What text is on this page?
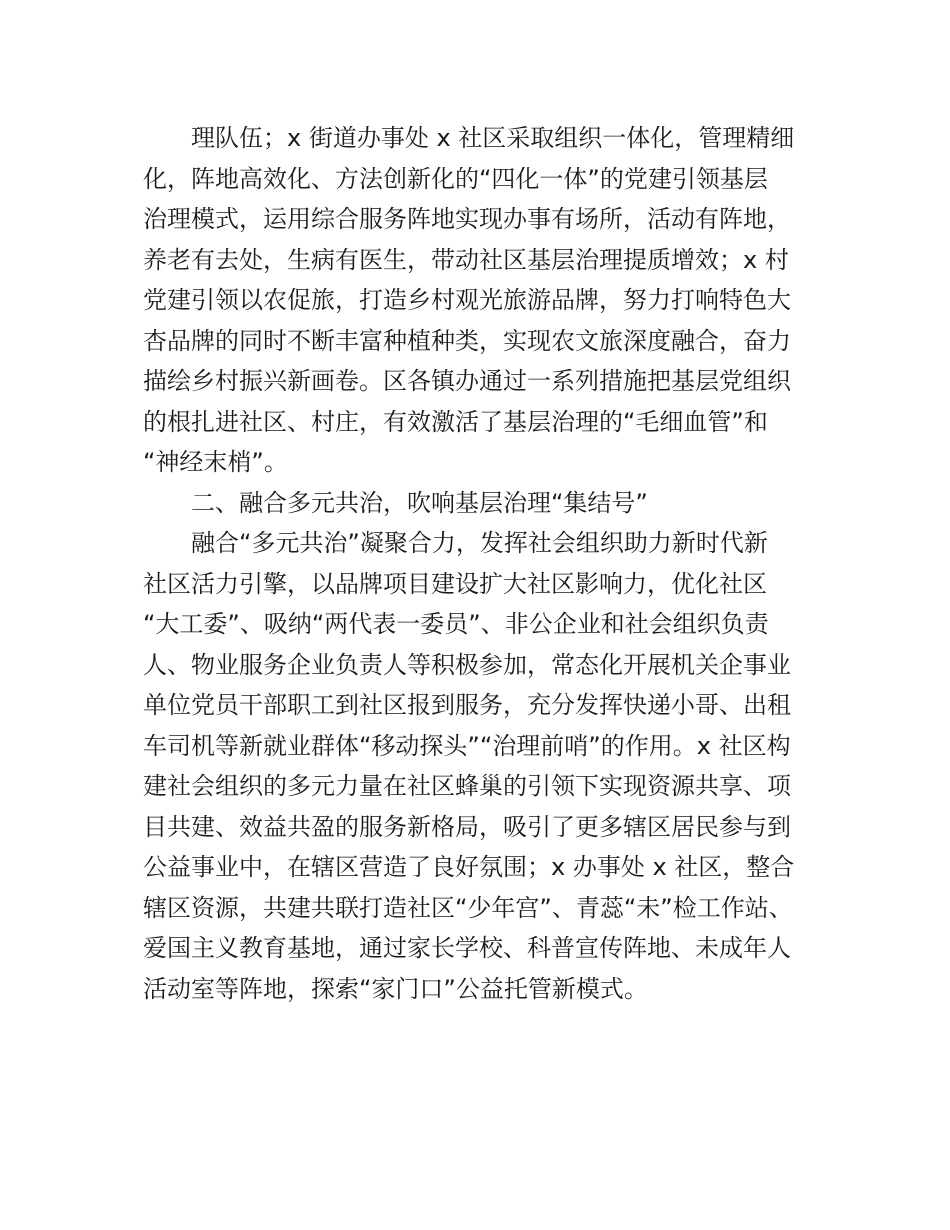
理队伍；x 街道办事处 x 社区采取组织一体化，管理精细
化，阵地高效化、方法创新化的“四化一体”的党建引领基层
治理模式，运用综合服务阵地实现办事有场所，活动有阵地，
养老有去处，生病有医生，带动社区基层治理提质增效；x 村
党建引领以农促旅，打造乡村观光旅游品牌，努力打响特色大
杏品牌的同时不断丰富种植种类，实现农文旅深度融合，奋力
描绘乡村振兴新画卷。区各镇办通过一系列措施把基层党组织
的根扎进社区、村庄，有效激活了基层治理的“毛细血管”和
“神经末梢”。

二、融合多元共治，吹响基层治理“集结号”

融合“多元共治”凝聚合力，发挥社会组织助力新时代新
社区活力引擎，以品牌项目建设扩大社区影响力，优化社区
“大工委”、吸纳“两代表一委员”、非公企业和社会组织负责
人、物业服务企业负责人等积极参加，常态化开展机关企事业
单位党员干部职工到社区报到服务，充分发挥快递小哥、出租
车司机等新就业群体“移动探头”“治理前哨”的作用。x 社区构
建社会组织的多元力量在社区蜂巢的引领下实现资源共享、项
目共建、效益共盈的服务新格局，吸引了更多辖区居民参与到
公益事业中，在辖区营造了良好氛围；x 办事处 x 社区，整合
辖区资源，共建共联打造社区“少年宫”、青蕊“未”检工作站、
爱国主义教育基地，通过家长学校、科普宣传阵地、未成年人
活动室等阵地，探索“家门口”公益托管新模式。
